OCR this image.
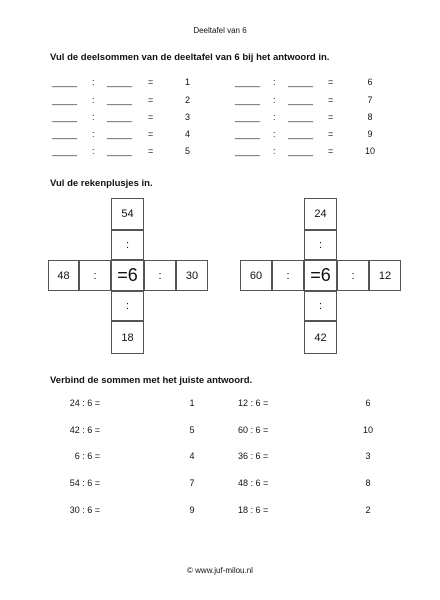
Deeltafel van 6
Vul de deelsommen van de deeltafel van 6 bij het antwoord in.
_____ : _____ =	1	_____ : _____ =	6
_____ : _____ =	2	_____ : _____ =	7
_____ : _____ =	3	_____ : _____ =	8
_____ : _____ =	4	_____ : _____ =	9
_____ : _____ =	5	_____ : _____ =	10
Vul de rekenplusjes in.
54
:
48	:	=6	:	30
:
18
24
:
60	:	=6	:	12
:
42
Verbind de sommen met het juiste antwoord.
24 : 6 =	1	12 : 6 =	6
42 : 6 =	5	60 : 6 =	10
6 : 6 =	4	36 : 6 =	3
54 : 6 =	7	48 : 6 =	8
30 : 6 =	9	18 : 6 =	2
© www.juf-milou.nl
